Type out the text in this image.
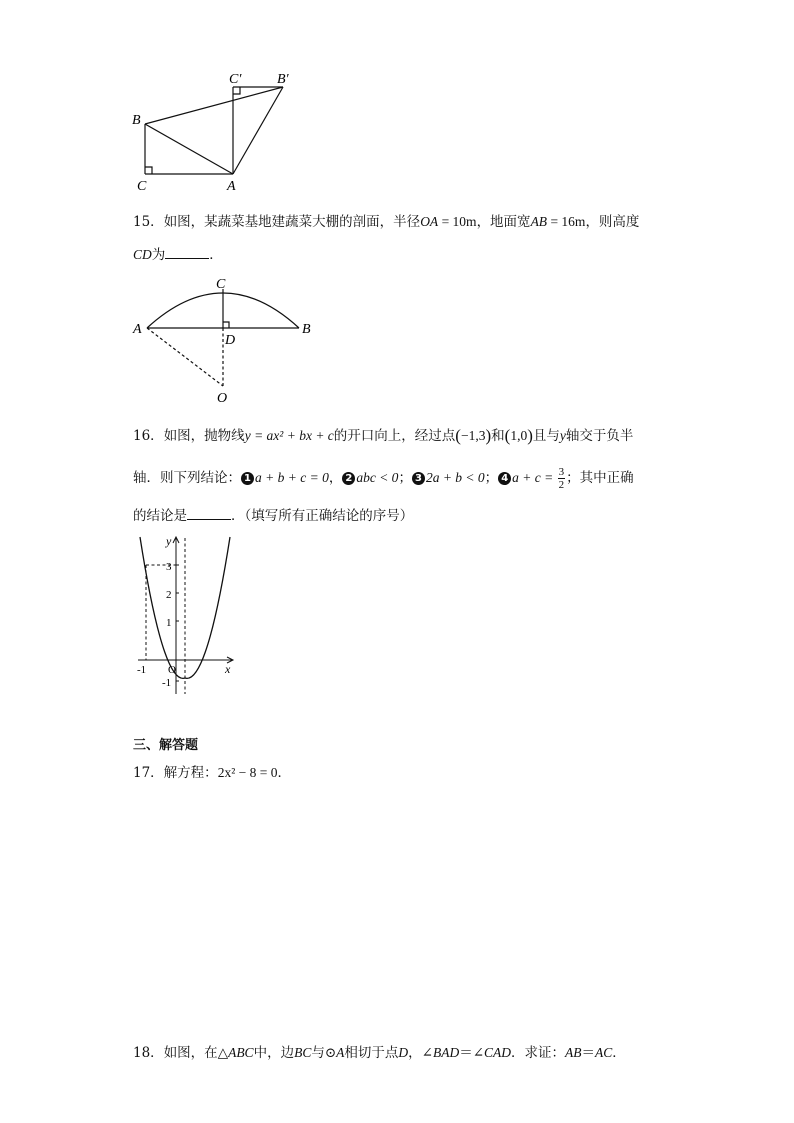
C′	B′
B
C	A
15．如图，某蔬菜基地建蔬菜大棚的剖面，半径OA = 10m，地面宽AB = 16m，则高度
CD为	．
C
A
D
B
O
16．如图，抛物线y = ax² + bx + c的开口向上，经过点(−1,3)和(1,0)且与y轴交于负半
轴．则下列结论： 1 a + b + c = 0， 2 abc < 0； 3 2a + b < 0； 4 $a + c = \frac{3}{2}$ ；其中正确
的结论是	．（填写所有正确结论的序号）
y
x
3
2
1
-1
-1 O
三、解答题
17．解方程：2x² − 8 = 0．
18．如图，在△ABC中，边BC与⊙A相切于点D，∠BAD＝∠CAD．求证：AB＝AC．
